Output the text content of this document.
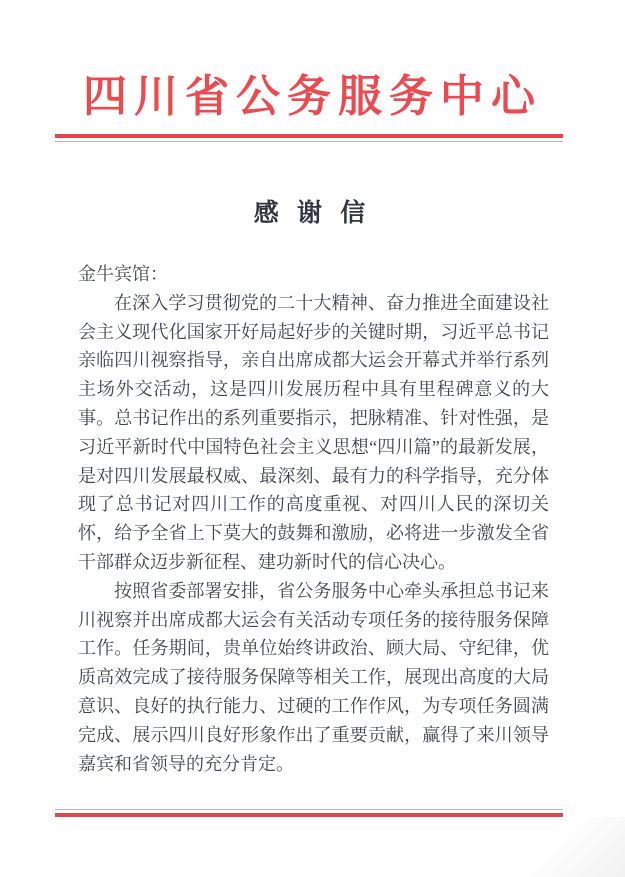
四川省公务服务中心
感 谢 信
金牛宾馆：

在深入学习贯彻党的二十大精神、奋力推进全面建设社会主义现代化国家开好局起好步的关键时期，习近平总书记亲临四川视察指导，亲自出席成都大运会开幕式并举行系列主场外交活动，这是四川发展历程中具有里程碑意义的大事。总书记作出的系列重要指示，把脉精准、针对性强，是习近平新时代中国特色社会主义思想“四川篇”的最新发展，是对四川发展最权威、最深刻、最有力的科学指导，充分体现了总书记对四川工作的高度重视、对四川人民的深切关怀，给予全省上下莫大的鼓舞和激励，必将进一步激发全省干部群众迈步新征程、建功新时代的信心决心。

按照省委部署安排，省公务服务中心牵头承担总书记来川视察并出席成都大运会有关活动专项任务的接待服务保障工作。任务期间，贵单位始终讲政治、顾大局、守纪律，优质高效完成了接待服务保障等相关工作，展现出高度的大局意识、良好的执行能力、过硬的工作作风，为专项任务圆满完成、展示四川良好形象作出了重要贡献，赢得了来川领导嘉宾和省领导的充分肯定。
